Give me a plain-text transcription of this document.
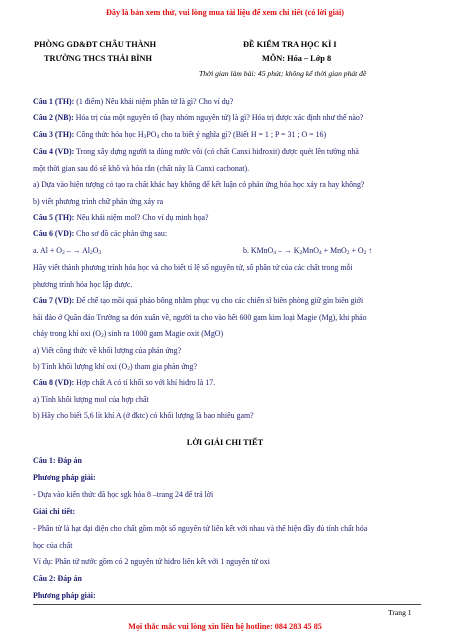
Đây là bản xem thử, vui lòng mua tài liệu để xem chi tiết (có lời giải)
PHÒNG GD&ĐT CHÂU THÀNH
TRƯỜNG THCS THÁI BÌNH
ĐỀ KIỂM TRA HỌC KÌ I
MÔN: Hóa – Lớp 8
Thời gian làm bài: 45 phút; không kể thời gian phát đề
Câu 1 (TH): (1 điểm) Nêu khái niệm phân tử là gì? Cho ví dụ?
Câu 2 (NB): Hóa trị của một nguyên tố (hay nhóm nguyên tử) là gì? Hóa trị được xác định như thế nào?
Câu 3 (TH): Công thức hóa học $H_3PO_4$ cho ta biết ý nghĩa gì? (Biết H = 1 ; P = 31 ; O = 16)
Câu 4 (VD): Trong xây dựng người ta dùng nước vôi (có chất Canxi hiđroxit) được quét lên tường nhà
một thời gian sau đó sẽ khô và hóa rắn (chất này là Canxi cacbonat).
a) Dựa vào hiện tượng có tạo ra chất khác hay không để kết luận có phản ứng hóa học xảy ra hay không?
b) viết phương trình chữ phản ứng xảy ra
Câu 5 (TH): Nêu khái niệm mol? Cho ví dụ minh họa?
Câu 6 (VD): Cho sơ đồ các phản ứng sau:
a. $Al + O_2$ – → $Al_2O_3$	b. KMnO$_4$ – → $K_2MnO_4 + MnO_2 + O_2$ ↑
Hãy viết thành phương trình hóa học và cho biết tỉ lệ số nguyên tử, số phân tử của các chất trong mỗi
phương trình hóa học lập được.
Câu 7 (VD): Để chế tạo mồi quả pháo bông nhằm phục vụ cho các chiến sĩ biên phòng giữ gìn biên giới
hải đảo ở Quần đảo Trường sa đón xuân về, người ta cho vào hết 600 gam kim loại Magie (Mg), khi phảo
cháy trong khí oxi $(O_2)$ sinh ra 1000 gam Magie oxit (MgO)
a) Viết công thức về khối lượng của phản ứng?
b) Tính khối lượng khí oxi $(O_2)$ tham gia phản ứng?
Câu 8 (VD): Hợp chất A có tỉ khối so với khí hiđro là 17.
a) Tính khối lượng mol của hợp chất
b) Hãy cho biết 5,6 lít khí A (ở đktc) có khối lượng là bao nhiêu gam?
LỜI GIẢI CHI TIẾT
Câu 1: Đáp án
Phương pháp giải:
- Dựa vào kiến thức đã học sgk hóa 8 –trang 24 để trả lời
Giải chi tiết:
- Phân tử là hạt đại diện cho chất gồm một số nguyên tử liên kết với nhau và thể hiện đầy đủ tính chất hóa
học của chất
Ví dụ: Phân tử nước gồm có 2 nguyên tử hiđro liên kết với 1 nguyên tử oxi
Câu 2: Đáp án
Phương pháp giải:
Trang 1
Mọi thắc mắc vui lòng xin liên hệ hotline: 084 283 45 85
